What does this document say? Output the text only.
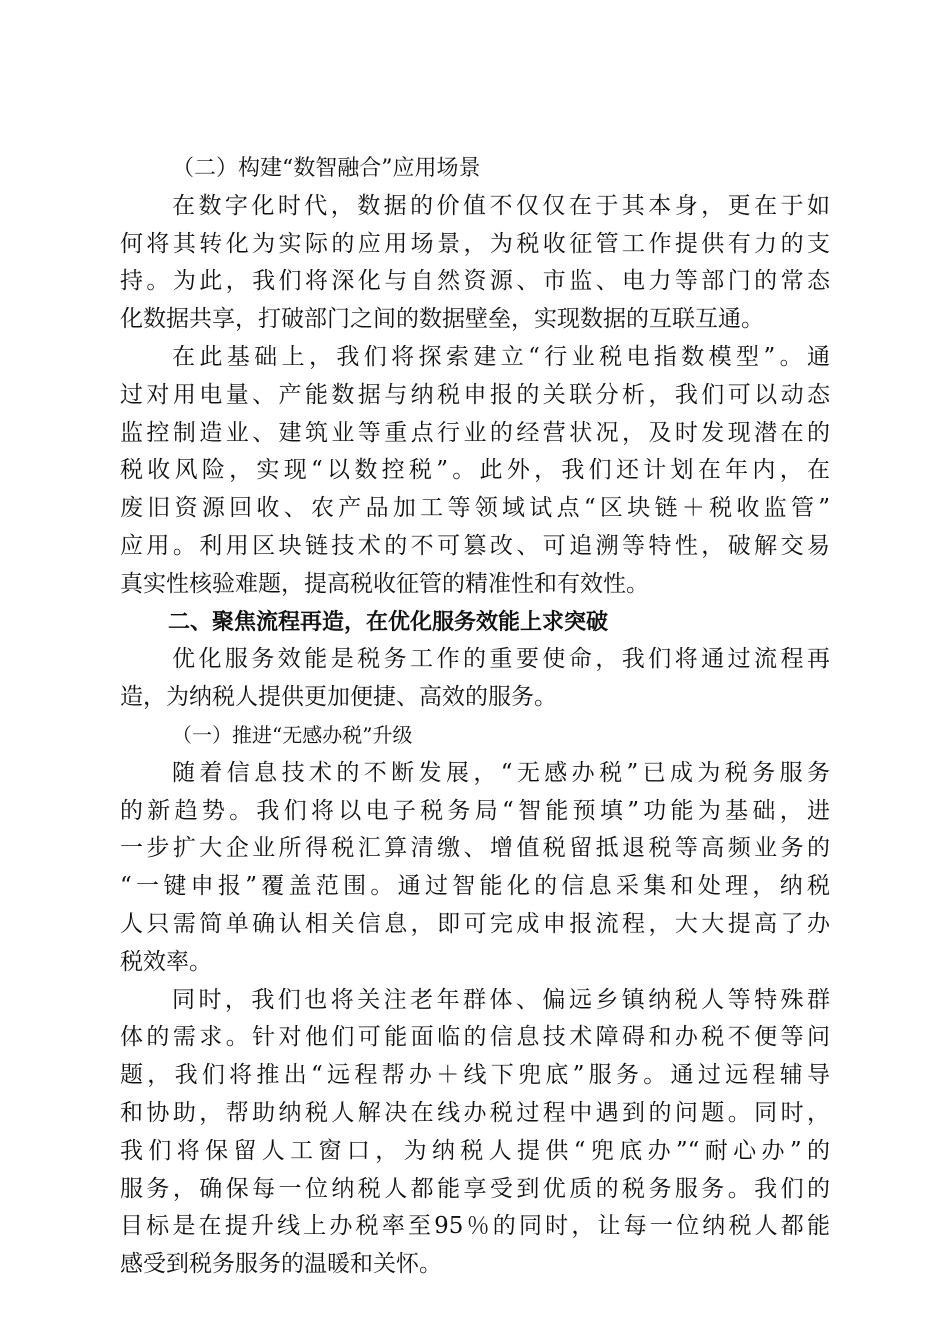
（二）构建“数智融合”应用场景
在数字化时代，数据的价值不仅仅在于其本身，更在于如
何将其转化为实际的应用场景，为税收征管工作提供有力的支
持。为此，我们将深化与自然资源、市监、电力等部门的常态
化数据共享，打破部门之间的数据壁垒，实现数据的互联互通。
在此基础上，我们将探索建立“行业税电指数模型”。通
过对用电量、产能数据与纳税申报的关联分析，我们可以动态
监控制造业、建筑业等重点行业的经营状况，及时发现潜在的
税收风险，实现“以数控税”。此外，我们还计划在年内，在
废旧资源回收、农产品加工等领域试点“区块链＋税收监管”
应用。利用区块链技术的不可篡改、可追溯等特性，破解交易
真实性核验难题，提高税收征管的精准性和有效性。
二、聚焦流程再造，在优化服务效能上求突破
优化服务效能是税务工作的重要使命，我们将通过流程再
造，为纳税人提供更加便捷、高效的服务。
（一）推进“无感办税”升级
随着信息技术的不断发展，“无感办税”已成为税务服务
的新趋势。我们将以电子税务局“智能预填”功能为基础，进
一步扩大企业所得税汇算清缴、增值税留抵退税等高频业务的
“一键申报”覆盖范围。通过智能化的信息采集和处理，纳税
人只需简单确认相关信息，即可完成申报流程，大大提高了办
税效率。
同时，我们也将关注老年群体、偏远乡镇纳税人等特殊群
体的需求。针对他们可能面临的信息技术障碍和办税不便等问
题，我们将推出“远程帮办＋线下兜底”服务。通过远程辅导
和协助，帮助纳税人解决在线办税过程中遇到的问题。同时，
我们将保留人工窗口，为纳税人提供“兜底办”“耐心办”的
服务，确保每一位纳税人都能享受到优质的税务服务。我们的
目标是在提升线上办税率至95％的同时，让每一位纳税人都能
感受到税务服务的温暖和关怀。
